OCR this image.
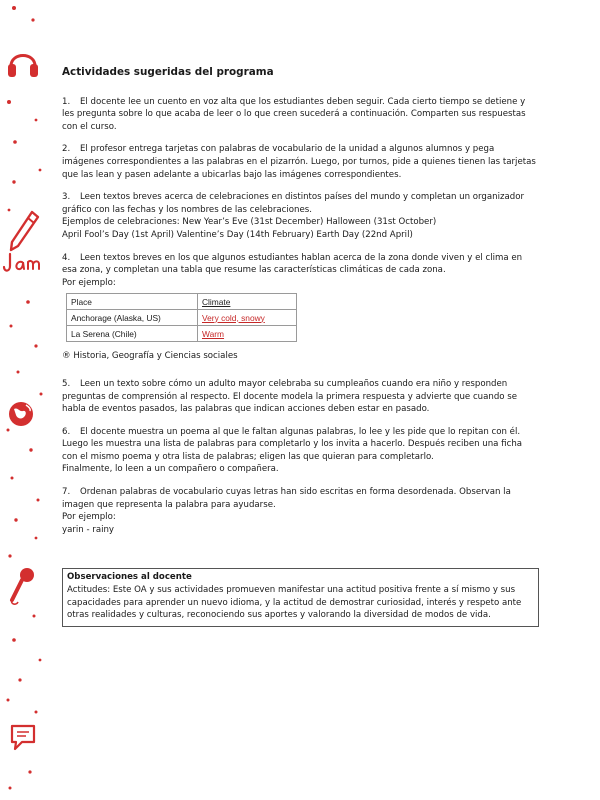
Actividades sugeridas del programa

1. El docente lee un cuento en voz alta que los estudiantes deben seguir. Cada cierto tiempo se detiene y les pregunta sobre lo que acaba de leer o lo que creen sucederá a continuación. Comparten sus respuestas con el curso.

2. El profesor entrega tarjetas con palabras de vocabulario de la unidad a algunos alumnos y pega imágenes correspondientes a las palabras en el pizarrón. Luego, por turnos, pide a quienes tienen las tarjetas que las lean y pasen adelante a ubicarlas bajo las imágenes correspondientes.

3. Leen textos breves acerca de celebraciones en distintos países del mundo y completan un organizador gráfico con las fechas y los nombres de las celebraciones.

Ejemplos de celebraciones: New Year’s Eve (31st December) Halloween (31st October)

April Fool’s Day (1st April) Valentine’s Day (14th February) Earth Day (22nd April)

4. Leen textos breves en los que algunos estudiantes hablan acerca de la zona donde viven y el clima en esa zona, y completan una tabla que resume las características climáticas de cada zona.

Por ejemplo:

Place	Climate
Anchorage (Alaska, US)	Very cold, snowy
La Serena (Chile)	Warm

® Historia, Geografía y Ciencias sociales

5. Leen un texto sobre cómo un adulto mayor celebraba su cumpleaños cuando era niño y responden preguntas de comprensión al respecto. El docente modela la primera respuesta y advierte que cuando se habla de eventos pasados, las palabras que indican acciones deben estar en pasado.

6. El docente muestra un poema al que le faltan algunas palabras, lo lee y les pide que lo repitan con él.

Luego les muestra una lista de palabras para completarlo y los invita a hacerlo. Después reciben una ficha con el mismo poema y otra lista de palabras; eligen las que quieran para completarlo.

Finalmente, lo leen a un compañero o compañera.

7. Ordenan palabras de vocabulario cuyas letras han sido escritas en forma desordenada. Observan la imagen que representa la palabra para ayudarse.

Por ejemplo:

yarin - rainy

Observaciones al docente

Actitudes: Este OA y sus actividades promueven manifestar una actitud positiva frente a sí mismo y sus capacidades para aprender un nuevo idioma, y la actitud de demostrar curiosidad, interés y respeto ante otras realidades y culturas, reconociendo sus aportes y valorando la diversidad de modos de vida.
